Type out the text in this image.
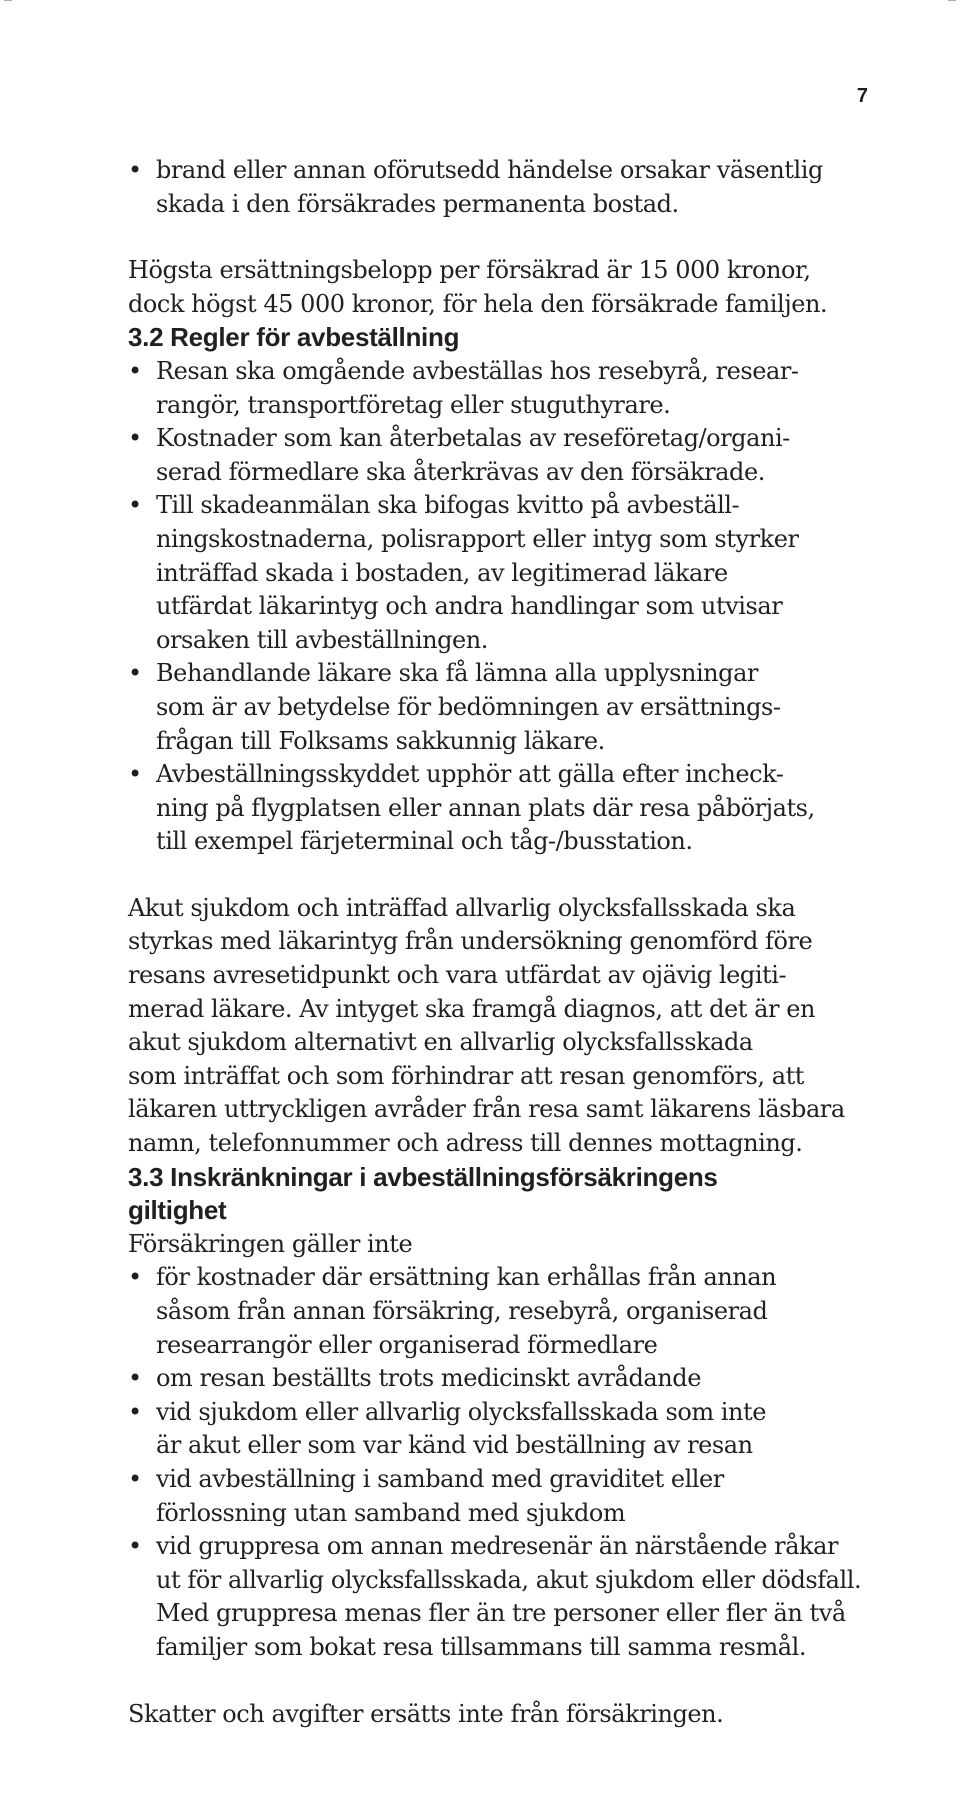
7
• brand eller annan oförutsedd händelse orsakar väsentlig
skada i den försäkrades permanenta bostad.

Högsta ersättningsbelopp per försäkrad är 15 000 kronor,
dock högst 45 000 kronor, för hela den försäkrade familjen.

3.2 Regler för avbeställning
• Resan ska omgående avbeställas hos resebyrå, resear-
rangör, transportföretag eller stuguthyrare.
• Kostnader som kan återbetalas av reseföretag/organi-
serad förmedlare ska återkrävas av den försäkrade.
• Till skadeanmälan ska bifogas kvitto på avbeställ-
ningskostnaderna, polisrapport eller intyg som styrker
inträffad skada i bostaden, av legitimerad läkare
utfärdat läkarintyg och andra handlingar som utvisar
orsaken till avbeställningen.
• Behandlande läkare ska få lämna alla upplysningar
som är av betydelse för bedömningen av ersättnings-
frågan till Folksams sakkunnig läkare.
• Avbeställningsskyddet upphör att gälla efter incheck-
ning på flygplatsen eller annan plats där resa påbörjats,
till exempel färjeterminal och tåg-/busstation.

Akut sjukdom och inträffad allvarlig olycksfallsskada ska
styrkas med läkarintyg från undersökning genomförd före
resans avresetidpunkt och vara utfärdat av ojävig legiti-
merad läkare. Av intyget ska framgå diagnos, att det är en
akut sjukdom alternativt en allvarlig olycksfallsskada
som inträffat och som förhindrar att resan genomförs, att
läkaren uttryckligen avråder från resa samt läkarens läsbara
namn, telefonnummer och adress till dennes mottagning.

3.3 Inskränkningar i avbeställningsförsäkringens
giltighet

Försäkringen gäller inte

• för kostnader där ersättning kan erhållas från annan
såsom från annan försäkring, resebyrå, organiserad
researrangör eller organiserad förmedlare
• om resan beställts trots medicinskt avrådande
• vid sjukdom eller allvarlig olycksfallsskada som inte
är akut eller som var känd vid beställning av resan
• vid avbeställning i samband med graviditet eller
förlossning utan samband med sjukdom
• vid gruppresa om annan medresenär än närstående råkar
ut för allvarlig olycksfallsskada, akut sjukdom eller dödsfall.
Med gruppresa menas fler än tre personer eller fler än två
familjer som bokat resa tillsammans till samma resmål.

Skatter och avgifter ersätts inte från försäkringen.
